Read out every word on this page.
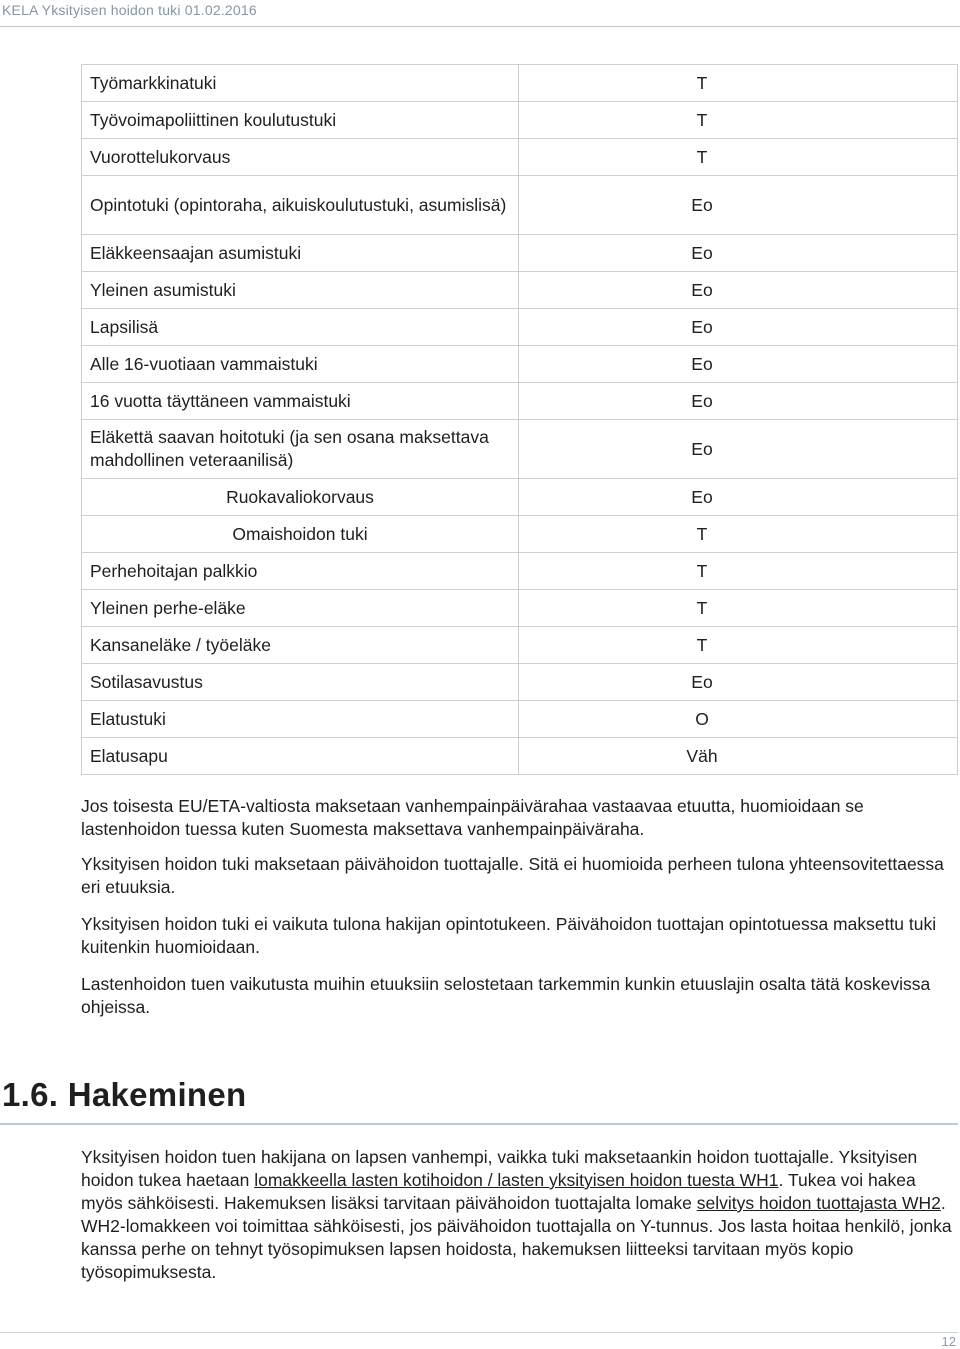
KELA Yksityisen hoidon tuki 01.02.2016
Työmarkkinatuki	T
Työvoimapoliittinen koulutustuki	T
Vuorottelukorvaus	T
Opintotuki (opintoraha, aikuiskoulutustuki, asumislisä)	Eo
Eläkkeensaajan asumistuki	Eo
Yleinen asumistuki	Eo
Lapsilisä	Eo
Alle 16-vuotiaan vammaistuki	Eo
16 vuotta täyttäneen vammaistuki	Eo
Eläkettä saavan hoitotuki (ja sen osana maksettava mahdollinen veteraanilisä)	Eo
Ruokavaliokorvaus	Eo
Omaishoidon tuki	T
Perhehoitajan palkkio	T
Yleinen perhe-eläke	T
Kansaneläke / työeläke	T
Sotilasavustus	Eo
Elatustuki	O
Elatusapu	Väh

Jos toisesta EU/ETA-valtiosta maksetaan vanhempainpäivärahaa vastaavaa etuutta, huomioidaan se lastenhoidon tuessa kuten Suomesta maksettava vanhempainpäiväraha.

Yksityisen hoidon tuki maksetaan päivähoidon tuottajalle. Sitä ei huomioida perheen tulona yhteensovitettaessa eri etuuksia.

Yksityisen hoidon tuki ei vaikuta tulona hakijan opintotukeen. Päivähoidon tuottajan opintotuessa maksettu tuki kuitenkin huomioidaan.

Lastenhoidon tuen vaikutusta muihin etuuksiin selostetaan tarkemmin kunkin etuuslajin osalta tätä koskevissa ohjeissa.

1.6. Hakeminen

Yksityisen hoidon tuen hakijana on lapsen vanhempi, vaikka tuki maksetaankin hoidon tuottajalle. Yksityisen hoidon tukea haetaan lomakkeella lasten kotihoidon / lasten yksityisen hoidon tuesta WH1. Tukea voi hakea myös sähköisesti. Hakemuksen lisäksi tarvitaan päivähoidon tuottajalta lomake selvitys hoidon tuottajasta WH2. WH2-lomakkeen voi toimittaa sähköisesti, jos päivähoidon tuottajalla on Y-tunnus. Jos lasta hoitaa henkilö, jonka kanssa perhe on tehnyt työsopimuksen lapsen hoidosta, hakemuksen liitteeksi tarvitaan myös kopio työsopimuksesta.

12
